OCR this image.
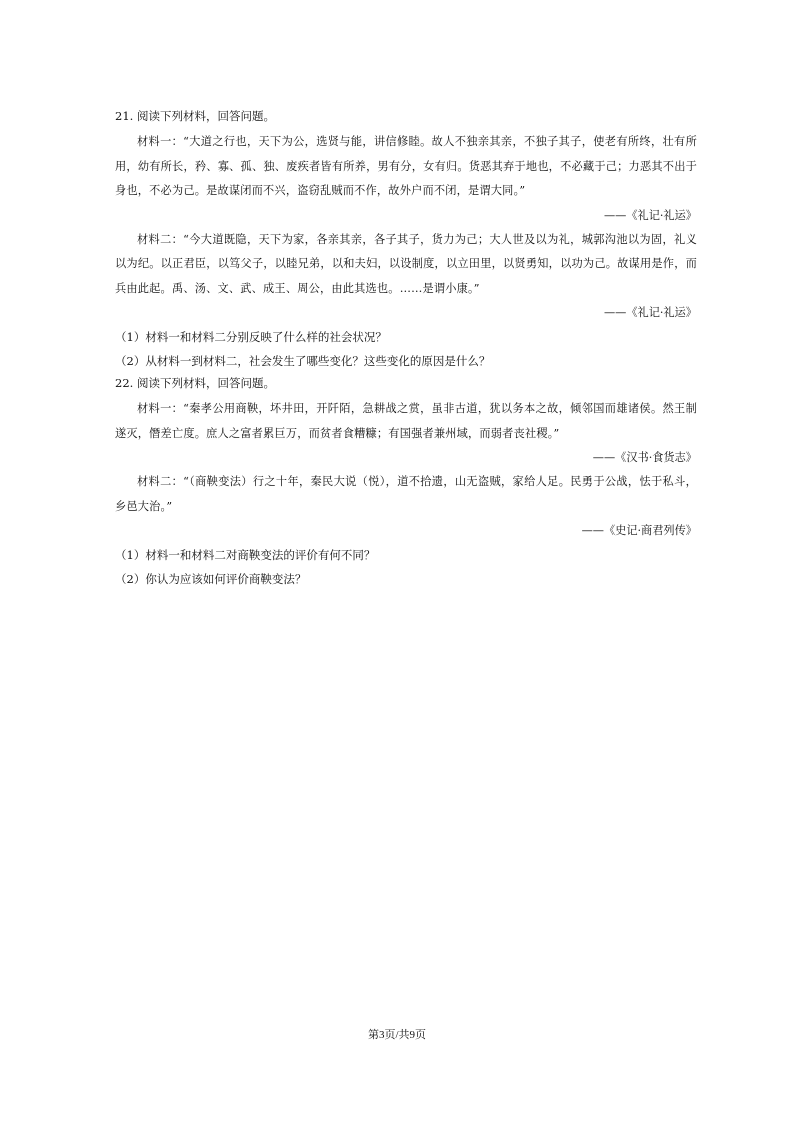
21. 阅读下列材料，回答问题。

材料一：“大道之行也，天下为公，选贤与能，讲信修睦。故人不独亲其亲，不独子其子，使老有所终，壮有所用，幼有所长，矜、寡、孤、独、废疾者皆有所养，男有分，女有归。货恶其弃于地也，不必藏于己；力恶其不出于身也，不必为己。是故谋闭而不兴，盗窃乱贼而不作，故外户而不闭，是谓大同。”

——《礼记·礼运》

材料二：“今大道既隐，天下为家，各亲其亲，各子其子，货力为己；大人世及以为礼，城郭沟池以为固，礼义以为纪。以正君臣，以笃父子，以睦兄弟，以和夫妇，以设制度，以立田里，以贤勇知，以功为己。故谋用是作，而兵由此起。禹、汤、文、武、成王、周公，由此其选也。……是谓小康。”

——《礼记·礼运》

（1）材料一和材料二分别反映了什么样的社会状况？

（2）从材料一到材料二，社会发生了哪些变化？这些变化的原因是什么？

22. 阅读下列材料，回答问题。

材料一：“秦孝公用商鞅，坏井田，开阡陌，急耕战之赏，虽非古道，犹以务本之故，倾邻国而雄诸侯。然王制遂灭，僭差亡度。庶人之富者累巨万，而贫者食糟糠；有国强者兼州域，而弱者丧社稷。”

——《汉书·食货志》

材料二：“（商鞅变法）行之十年，秦民大说（悦），道不拾遗，山无盗贼，家给人足。民勇于公战，怯于私斗，乡邑大治。”

——《史记·商君列传》

（1）材料一和材料二对商鞅变法的评价有何不同？

（2）你认为应该如何评价商鞅变法？

第3页/共9页
